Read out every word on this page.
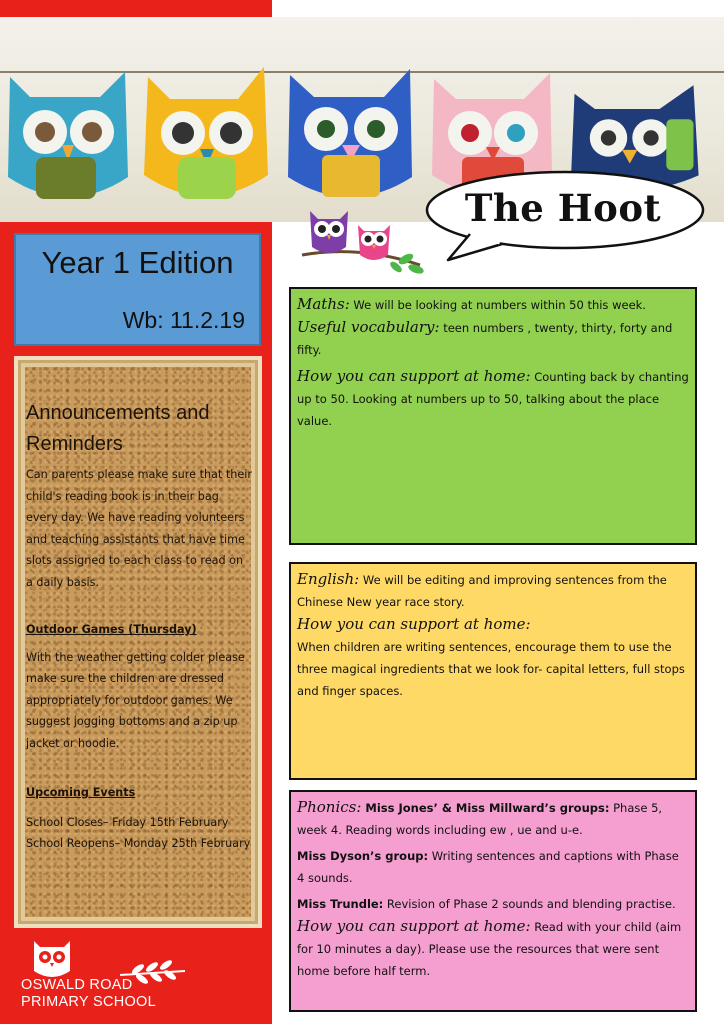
The Hoot
Year 1 Edition
Wb: 11.2.19
Announcements and Reminders

Can parents please make sure that their child's reading book is in their bag every day. We have reading volunteers and teaching assistants that have time slots assigned to each class to read on a daily basis.

Outdoor Games (Thursday)

With the weather getting colder please make sure the children are dressed appropriately for outdoor games. We suggest jogging bottoms and a zip up jacket or hoodie.

Upcoming Events

School Closes– Friday 15th February

School Reopens– Monday 25th February

OSWALD ROAD
PRIMARY SCHOOL

Maths: We will be looking at numbers within 50 this week.

Useful vocabulary: teen numbers , twenty, thirty, forty and fifty.

How you can support at home: Counting back by chanting up to 50. Looking at numbers up to 50, talking about the place value.

English: We will be editing and improving sentences from the Chinese New year race story.

How you can support at home:

When children are writing sentences, encourage them to use the three magical ingredients that we look for- capital letters, full stops and finger spaces.

Phonics: Miss Jones’ & Miss Millward’s groups: Phase 5, week 4. Reading words including ew , ue and u-e.

Miss Dyson’s group: Writing sentences and captions with Phase 4 sounds.

Miss Trundle: Revision of Phase 2 sounds and blending practise.

How you can support at home: Read with your child (aim for 10 minutes a day). Please use the resources that were sent home before half term.
